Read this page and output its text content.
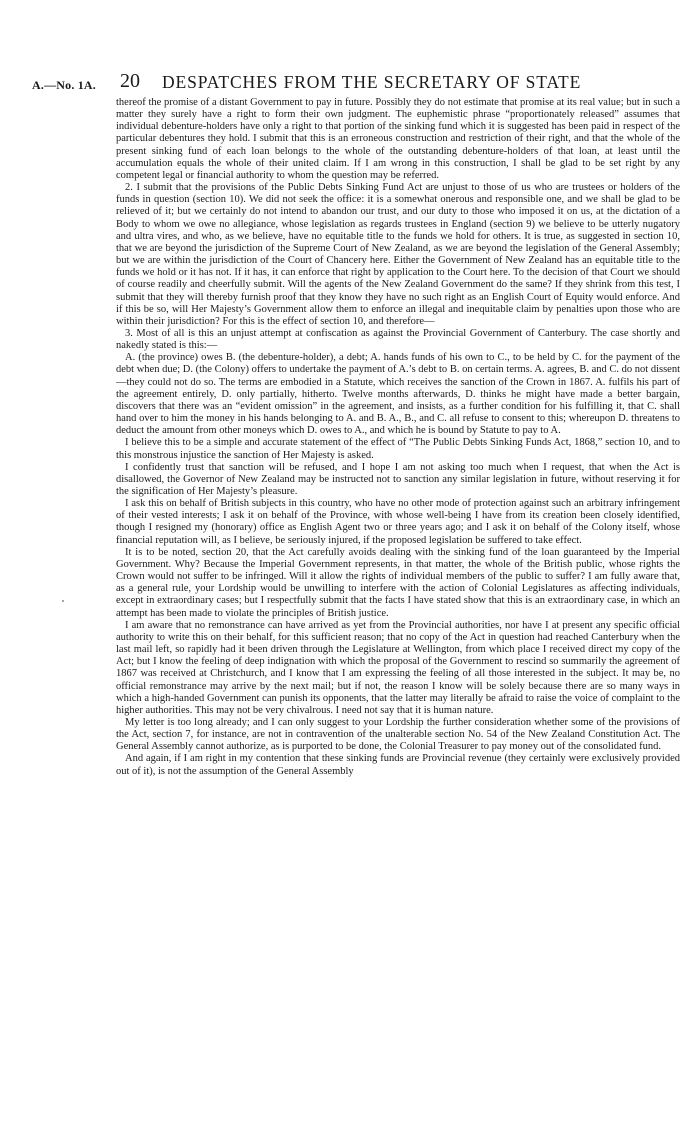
A.—No. 1A. 20 DESPATCHES FROM THE SECRETARY OF STATE

thereof the promise of a distant Government to pay in future. Possibly they do not estimate that promise at its real value; but in such a matter they surely have a right to form their own judgment. The euphemistic phrase “proportionately released” assumes that individual debenture-holders have only a right to that portion of the sinking fund which it is suggested has been paid in respect of the particular debentures they hold. I submit that this is an erroneous construction and restriction of their right, and that the whole of the present sinking fund of each loan belongs to the whole of the outstanding debenture-holders of that loan, at least until the accumulation equals the whole of their united claim. If I am wrong in this construction, I shall be glad to be set right by any competent legal or financial authority to whom the question may be referred.

2. I submit that the provisions of the Public Debts Sinking Fund Act are unjust to those of us who are trustees or holders of the funds in question (section 10). We did not seek the office: it is a somewhat onerous and responsible one, and we shall be glad to be relieved of it; but we certainly do not intend to abandon our trust, and our duty to those who imposed it on us, at the dictation of a Body to whom we owe no allegiance, whose legislation as regards trustees in England (section 9) we believe to be utterly nugatory and ultra vires, and who, as we believe, have no equitable title to the funds we hold for others. It is true, as suggested in section 10, that we are beyond the jurisdiction of the Supreme Court of New Zealand, as we are beyond the legislation of the General Assembly; but we are within the jurisdiction of the Court of Chancery here. Either the Government of New Zealand has an equitable title to the funds we hold or it has not. If it has, it can enforce that right by application to the Court here. To the decision of that Court we should of course readily and cheerfully submit. Will the agents of the New Zealand Government do the same? If they shrink from this test, I submit that they will thereby furnish proof that they know they have no such right as an English Court of Equity would enforce. And if this be so, will Her Majesty’s Government allow them to enforce an illegal and inequitable claim by penalties upon those who are within their jurisdiction? For this is the effect of section 10, and therefore—

3. Most of all is this an unjust attempt at confiscation as against the Provincial Government of Canterbury. The case shortly and nakedly stated is this:—

A. (the province) owes B. (the debenture-holder), a debt; A. hands funds of his own to C., to be held by C. for the payment of the debt when due; D. (the Colony) offers to undertake the payment of A.’s debt to B. on certain terms. A. agrees, B. and C. do not dissent—they could not do so. The terms are embodied in a Statute, which receives the sanction of the Crown in 1867. A. fulfils his part of the agreement entirely, D. only partially, hitherto. Twelve months afterwards, D. thinks he might have made a better bargain, discovers that there was an “evident omission” in the agreement, and insists, as a further condition for his fulfilling it, that C. shall hand over to him the money in his hands belonging to A. and B. A., B., and C. all refuse to consent to this; whereupon D. threatens to deduct the amount from other moneys which D. owes to A., and which he is bound by Statute to pay to A.

I believe this to be a simple and accurate statement of the effect of “The Public Debts Sinking Funds Act, 1868,” section 10, and to this monstrous injustice the sanction of Her Majesty is asked.

I confidently trust that sanction will be refused, and I hope I am not asking too much when I request, that when the Act is disallowed, the Governor of New Zealand may be instructed not to sanction any similar legislation in future, without reserving it for the signification of Her Majesty’s pleasure.

I ask this on behalf of British subjects in this country, who have no other mode of protection against such an arbitrary infringement of their vested interests; I ask it on behalf of the Province, with whose well-being I have from its creation been closely identified, though I resigned my (honorary) office as English Agent two or three years ago; and I ask it on behalf of the Colony itself, whose financial reputation will, as I believe, be seriously injured, if the proposed legislation be suffered to take effect.

It is to be noted, section 20, that the Act carefully avoids dealing with the sinking fund of the loan guaranteed by the Imperial Government. Why? Because the Imperial Government represents, in that matter, the whole of the British public, whose rights the Crown would not suffer to be infringed. Will it allow the rights of individual members of the public to suffer? I am fully aware that, as a general rule, your Lordship would be unwilling to interfere with the action of Colonial Legislatures as affecting individuals, except in extraordinary cases; but I respectfully submit that the facts I have stated show that this is an extraordinary case, in which an attempt has been made to violate the principles of British justice.

I am aware that no remonstrance can have arrived as yet from the Provincial authorities, nor have I at present any specific official authority to write this on their behalf, for this sufficient reason; that no copy of the Act in question had reached Canterbury when the last mail left, so rapidly had it been driven through the Legislature at Wellington, from which place I received direct my copy of the Act; but I know the feeling of deep indignation with which the proposal of the Government to rescind so summarily the agreement of 1867 was received at Christchurch, and I know that I am expressing the feeling of all those interested in the subject. It may be, no official remonstrance may arrive by the next mail; but if not, the reason I know will be solely because there are so many ways in which a high-handed Government can punish its opponents, that the latter may literally be afraid to raise the voice of complaint to the higher authorities. This may not be very chivalrous. I need not say that it is human nature.

My letter is too long already; and I can only suggest to your Lordship the further consideration whether some of the provisions of the Act, section 7, for instance, are not in contravention of the unalterable section No. 54 of the New Zealand Constitution Act. The General Assembly cannot authorize, as is purported to be done, the Colonial Treasurer to pay money out of the consolidated fund.

And again, if I am right in my contention that these sinking funds are Provincial revenue (they certainly were exclusively provided out of it), is not the assumption of the General Assembly
